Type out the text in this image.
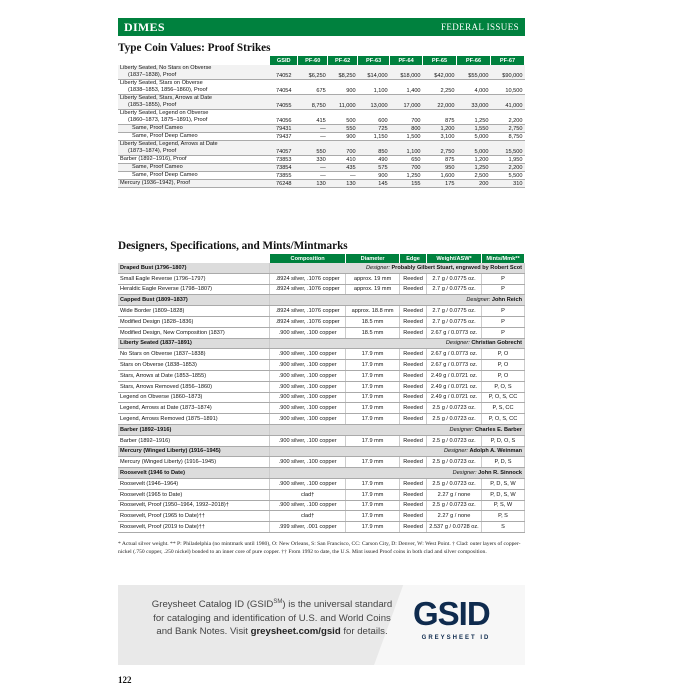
DIMES	FEDERAL ISSUES
Type Coin Values: Proof Strikes
	GSID	PF-60	PF-62	PF-63	PF-64	PF-65	PF-66	PF-67
Liberty Seated, No Stars on Obverse
(1837–1838), Proof	74052	$6,250	$8,250	$14,000	$18,000	$42,000	$55,000	$90,000
Liberty Seated, Stars on Obverse
(1838–1853, 1856–1860), Proof	74054	675	900	1,100	1,400	2,250	4,000	10,500
Liberty Seated, Stars, Arrows at Date
(1853–1855), Proof	74055	8,750	11,000	13,000	17,000	22,000	33,000	41,000
Liberty Seated, Legend on Obverse
(1860–1873, 1875–1891), Proof	74056	415	500	600	700	875	1,250	2,200
Same, Proof Cameo	79431	—	550	725	800	1,200	1,550	2,750
Same, Proof Deep Cameo	79437	—	900	1,150	1,500	3,100	5,000	8,750
Liberty Seated, Legend, Arrows at Date
(1873–1874), Proof	74057	550	700	850	1,100	2,750	5,000	15,500
Barber (1892–1916), Proof	73853	330	410	490	650	875	1,200	1,950
Same, Proof Cameo	73854	—	435	575	700	950	1,250	2,200
Same, Proof Deep Cameo	73855	—	—	900	1,250	1,600	2,500	5,500
Mercury (1936–1942), Proof	76248	130	130	145	155	175	200	310
Designers, Specifications, and Mints/Mintmarks
	Composition	Diameter	Edge	Weight/ASW*	Mints/Mmk**
Draped Bust (1796–1807)	Designer: Probably Gilbert Stuart, engraved by Robert Scot				
Small Eagle Reverse (1796–1797)	.8924 silver, .1076 copper	approx. 19 mm	Reeded	2.7 g / 0.0775 oz.	P
Heraldic Eagle Reverse (1798–1807)	.8924 silver, .1076 copper	approx. 19 mm	Reeded	2.7 g / 0.0775 oz.	P
Capped Bust (1809–1837)	Designer: John Reich				
Wide Border (1809–1828)	.8924 silver, .1076 copper	approx. 18.8 mm	Reeded	2.7 g / 0.0775 oz.	P
Modified Design (1828–1836)	.8924 silver, .1076 copper	18.5 mm	Reeded	2.7 g / 0.0775 oz.	P
Modified Design, New Composition (1837)	.900 silver, .100 copper	18.5 mm	Reeded	2.67 g / 0.0773 oz.	P
Liberty Seated (1837–1891)	Designer: Christian Gobrecht				
No Stars on Obverse (1837–1838)	.900 silver, .100 copper	17.9 mm	Reeded	2.67 g / 0.0773 oz.	P, O
Stars on Obverse (1838–1853)	.900 silver, .100 copper	17.9 mm	Reeded	2.67 g / 0.0773 oz.	P, O
Stars, Arrows at Date (1853–1855)	.900 silver, .100 copper	17.9 mm	Reeded	2.49 g / 0.0721 oz.	P, O
Stars, Arrows Removed (1856–1860)	.900 silver, .100 copper	17.9 mm	Reeded	2.49 g / 0.0721 oz.	P, O, S
Legend on Obverse (1860–1873)	.900 silver, .100 copper	17.9 mm	Reeded	2.49 g / 0.0721 oz.	P, O, S, CC
Legend, Arrows at Date (1873–1874)	.900 silver, .100 copper	17.9 mm	Reeded	2.5 g / 0.0723 oz.	P, S, CC
Legend, Arrows Removed (1875–1891)	.900 silver, .100 copper	17.9 mm	Reeded	2.5 g / 0.0723 oz.	P, O, S, CC
Barber (1892–1916)	Designer: Charles E. Barber				
Barber (1892–1916)	.900 silver, .100 copper	17.9 mm	Reeded	2.5 g / 0.0723 oz.	P, D, O, S
Mercury (Winged Liberty) (1916–1945)	Designer: Adolph A. Weinman				
Mercury (Winged Liberty) (1916–1945)	.900 silver, .100 copper	17.9 mm	Reeded	2.5 g / 0.0723 oz.	P, D, S
Roosevelt (1946 to Date)	Designer: John R. Sinnock				
Roosevelt (1946–1964)	.900 silver, .100 copper	17.9 mm	Reeded	2.5 g / 0.0723 oz.	P, D, S, W
Roosevelt (1965 to Date)	clad†	17.9 mm	Reeded	2.27 g / none	P, D, S, W
Roosevelt, Proof (1950–1964, 1992–2018)†	.900 silver, .100 copper	17.9 mm	Reeded	2.5 g / 0.0723 oz.	P, S, W
Roosevelt, Proof (1965 to Date)††	clad†	17.9 mm	Reeded	2.27 g / none	P, S
Roosevelt, Proof (2019 to Date)††	.999 silver, .001 copper	17.9 mm	Reeded	2.537 g / 0.0728 oz.	S
* Actual silver weight. ** P: Philadelphia (no mintmark until 1980), O: New Orleans, S: San Francisco, CC: Carson City, D: Denver, W: West Point. † Clad: outer layers of copper-nickel (.750 copper, .250 nickel) bonded to an inner core of pure copper. †† From 1992 to date, the U.S. Mint issued Proof coins in both clad and silver composition.
Greysheet Catalog ID (GSID℠) is the universal standard
for cataloging and identification of U.S. and World Coins
and Bank Notes. Visit greysheet.com/gsid for details. GSID
GREYSHEET ID
122
